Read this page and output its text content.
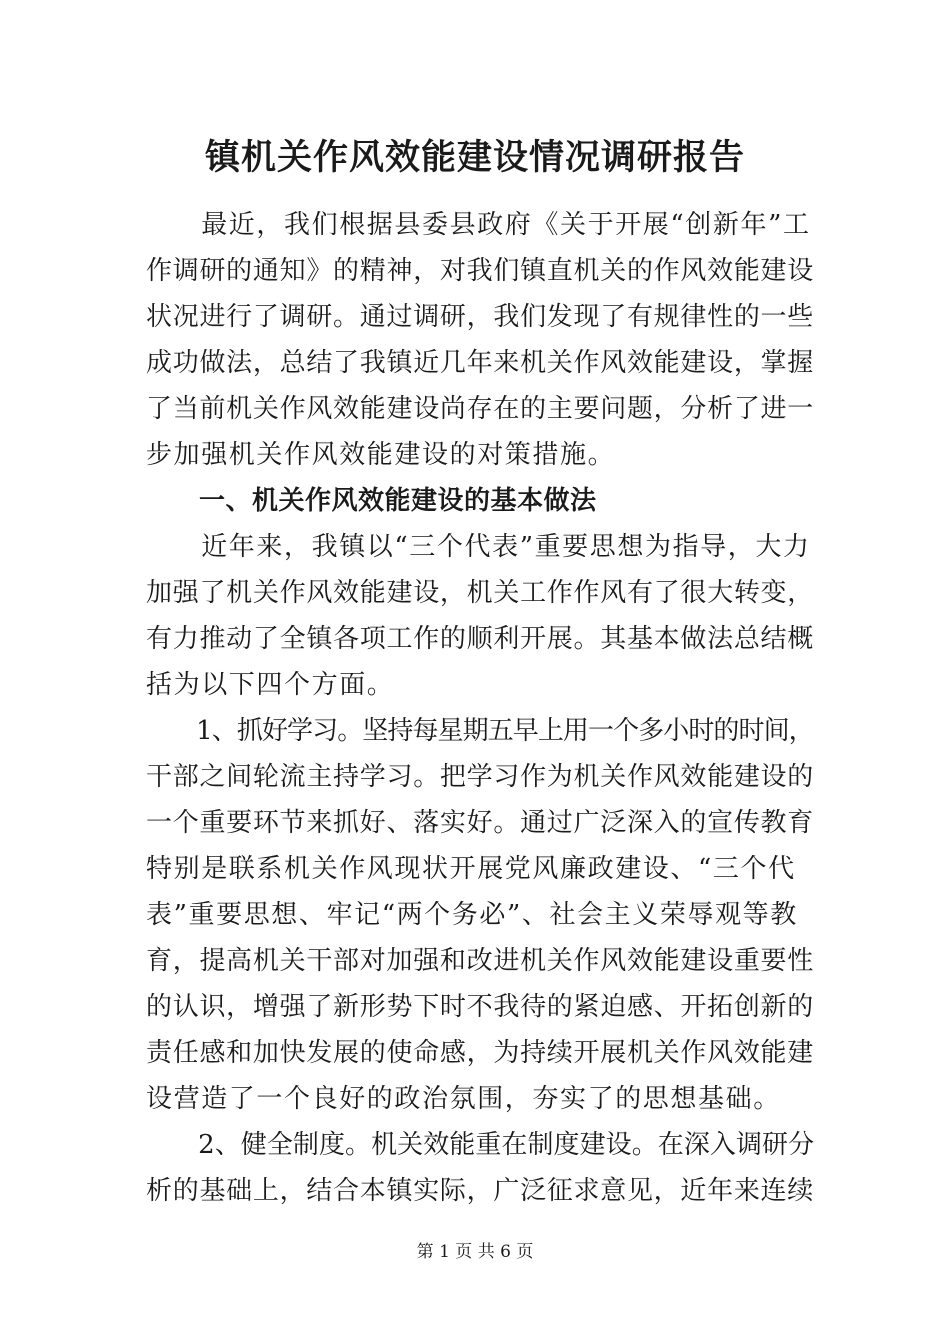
镇机关作风效能建设情况调研报告
　　最近，我们根据县委县政府《关于开展“创新年”工
作调研的通知》的精神，对我们镇直机关的作风效能建设
状况进行了调研。通过调研，我们发现了有规律性的一些
成功做法，总结了我镇近几年来机关作风效能建设，掌握
了当前机关作风效能建设尚存在的主要问题，分析了进一
步加强机关作风效能建设的对策措施。
　　一、机关作风效能建设的基本做法
　　近年来，我镇以“三个代表”重要思想为指导，大力
加强了机关作风效能建设，机关工作作风有了很大转变，
有力推动了全镇各项工作的顺利开展。其基本做法总结概
括为以下四个方面。
　　1、抓好学习。坚持每星期五早上用一个多小时的时间，
干部之间轮流主持学习。把学习作为机关作风效能建设的
一个重要环节来抓好、落实好。通过广泛深入的宣传教育
特别是联系机关作风现状开展党风廉政建设、“三个代
表”重要思想、牢记“两个务必”、社会主义荣辱观等教
育，提高机关干部对加强和改进机关作风效能建设重要性
的认识，增强了新形势下时不我待的紧迫感、开拓创新的
责任感和加快发展的使命感，为持续开展机关作风效能建
设营造了一个良好的政治氛围，夯实了的思想基础。
　　2、健全制度。机关效能重在制度建设。在深入调研分
析的基础上，结合本镇实际，广泛征求意见，近年来连续
第 1 页 共 6 页
